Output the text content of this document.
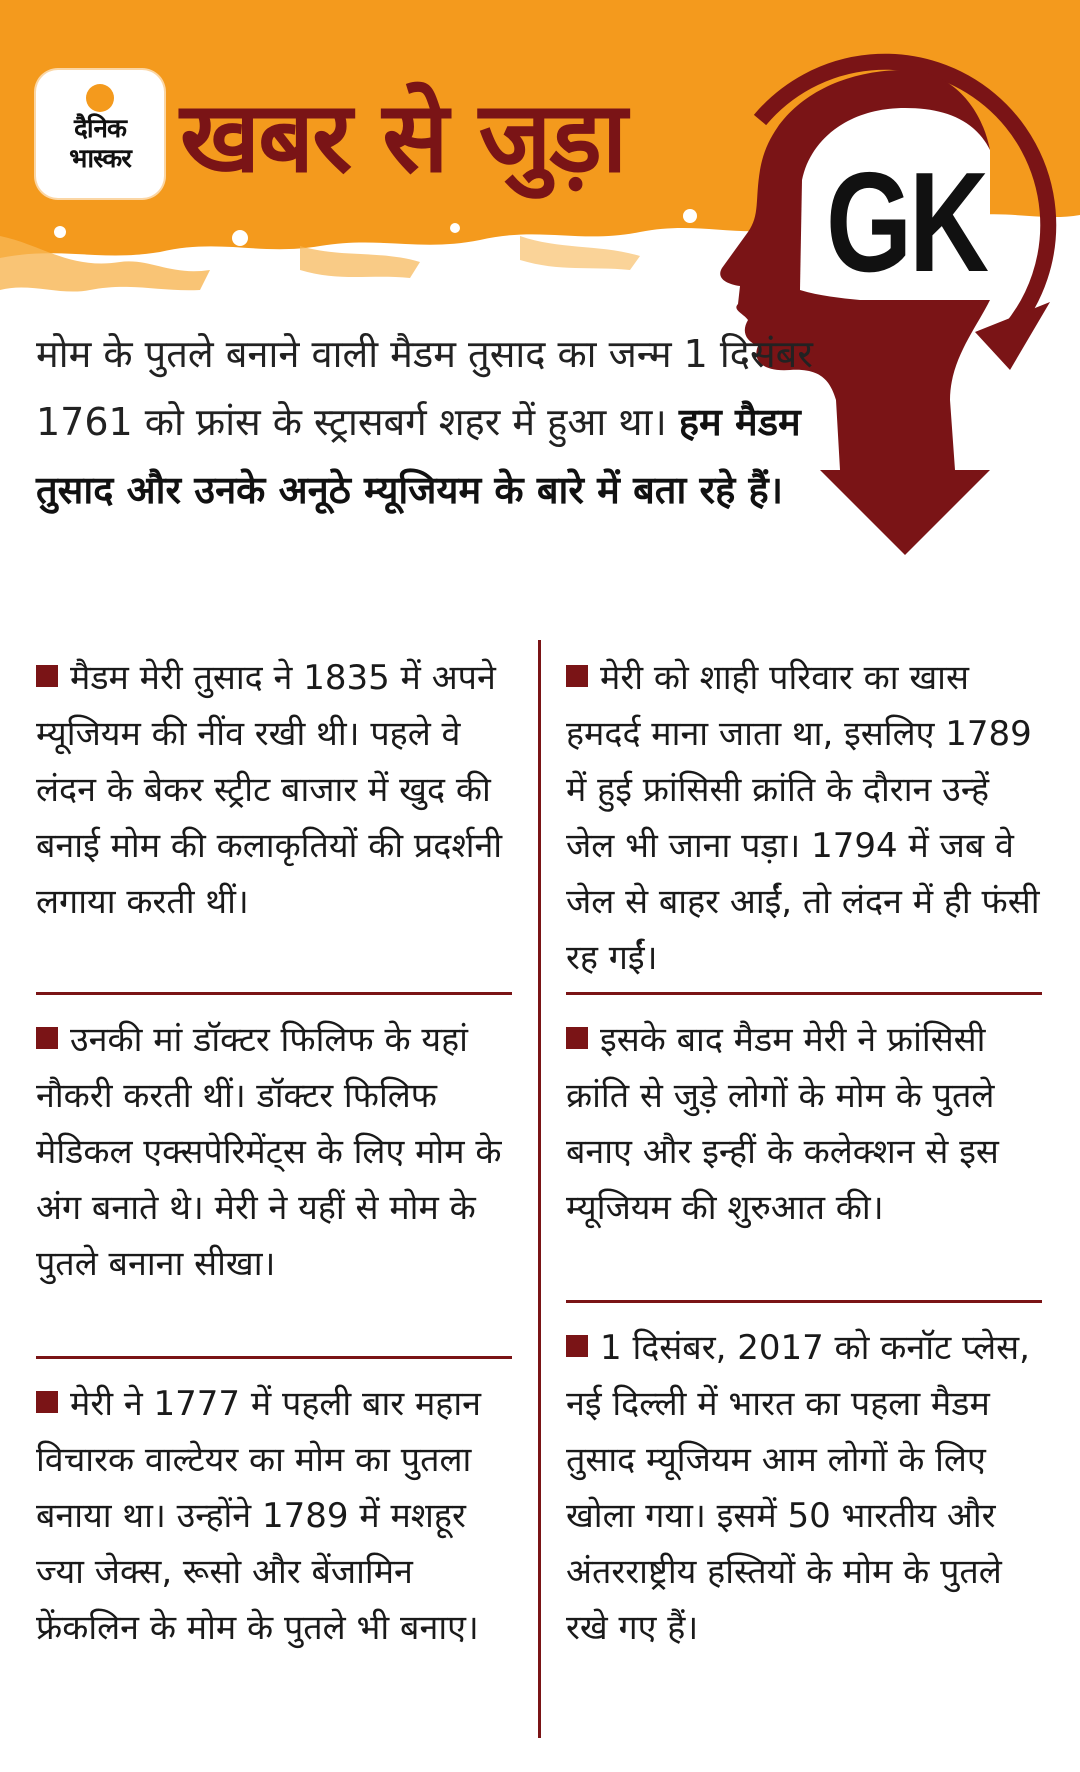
दैनिक
भास्कर खबर से जुड़ा
GK
मोम के पुतले बनाने वाली मैडम तुसाद का जन्म 1 दिसंबर 1761 को फ्रांस के स्ट्रासबर्ग शहर में हुआ था। हम मैडम तुसाद और उनके अनूठे म्यूजियम के बारे में बता रहे हैं।
मैडम मेरी तुसाद ने 1835 में अपने म्यूजियम की नींव रखी थी। पहले वे लंदन के बेकर स्ट्रीट बाजार में खुद की बनाई मोम की कलाकृतियों की प्रदर्शनी लगाया करती थीं।
उनकी मां डॉक्टर फिलिफ के यहां नौकरी करती थीं। डॉक्टर फिलिफ मेडिकल एक्सपेरिमेंट्स के लिए मोम के अंग बनाते थे। मेरी ने यहीं से मोम के पुतले बनाना सीखा।
मेरी ने 1777 में पहली बार महान विचारक वाल्टेयर का मोम का पुतला बनाया था। उन्होंने 1789 में मशहूर ज्या जेक्स, रूसो और बेंजामिन फ्रेंकलिन के मोम के पुतले भी बनाए।
मेरी को शाही परिवार का खास हमदर्द माना जाता था, इसलिए 1789 में हुई फ्रांसिसी क्रांति के दौरान उन्हें जेल भी जाना पड़ा। 1794 में जब वे जेल से बाहर आईं, तो लंदन में ही फंसी रह गईं।
इसके बाद मैडम मेरी ने फ्रांसिसी क्रांति से जुड़े लोगों के मोम के पुतले बनाए और इन्हीं के कलेक्शन से इस म्यूजियम की शुरुआत की।
1 दिसंबर, 2017 को कनॉट प्लेस, नई दिल्ली में भारत का पहला मैडम तुसाद म्यूजियम आम लोगों के लिए खोला गया। इसमें 50 भारतीय और अंतरराष्ट्रीय हस्तियों के मोम के पुतले रखे गए हैं।
